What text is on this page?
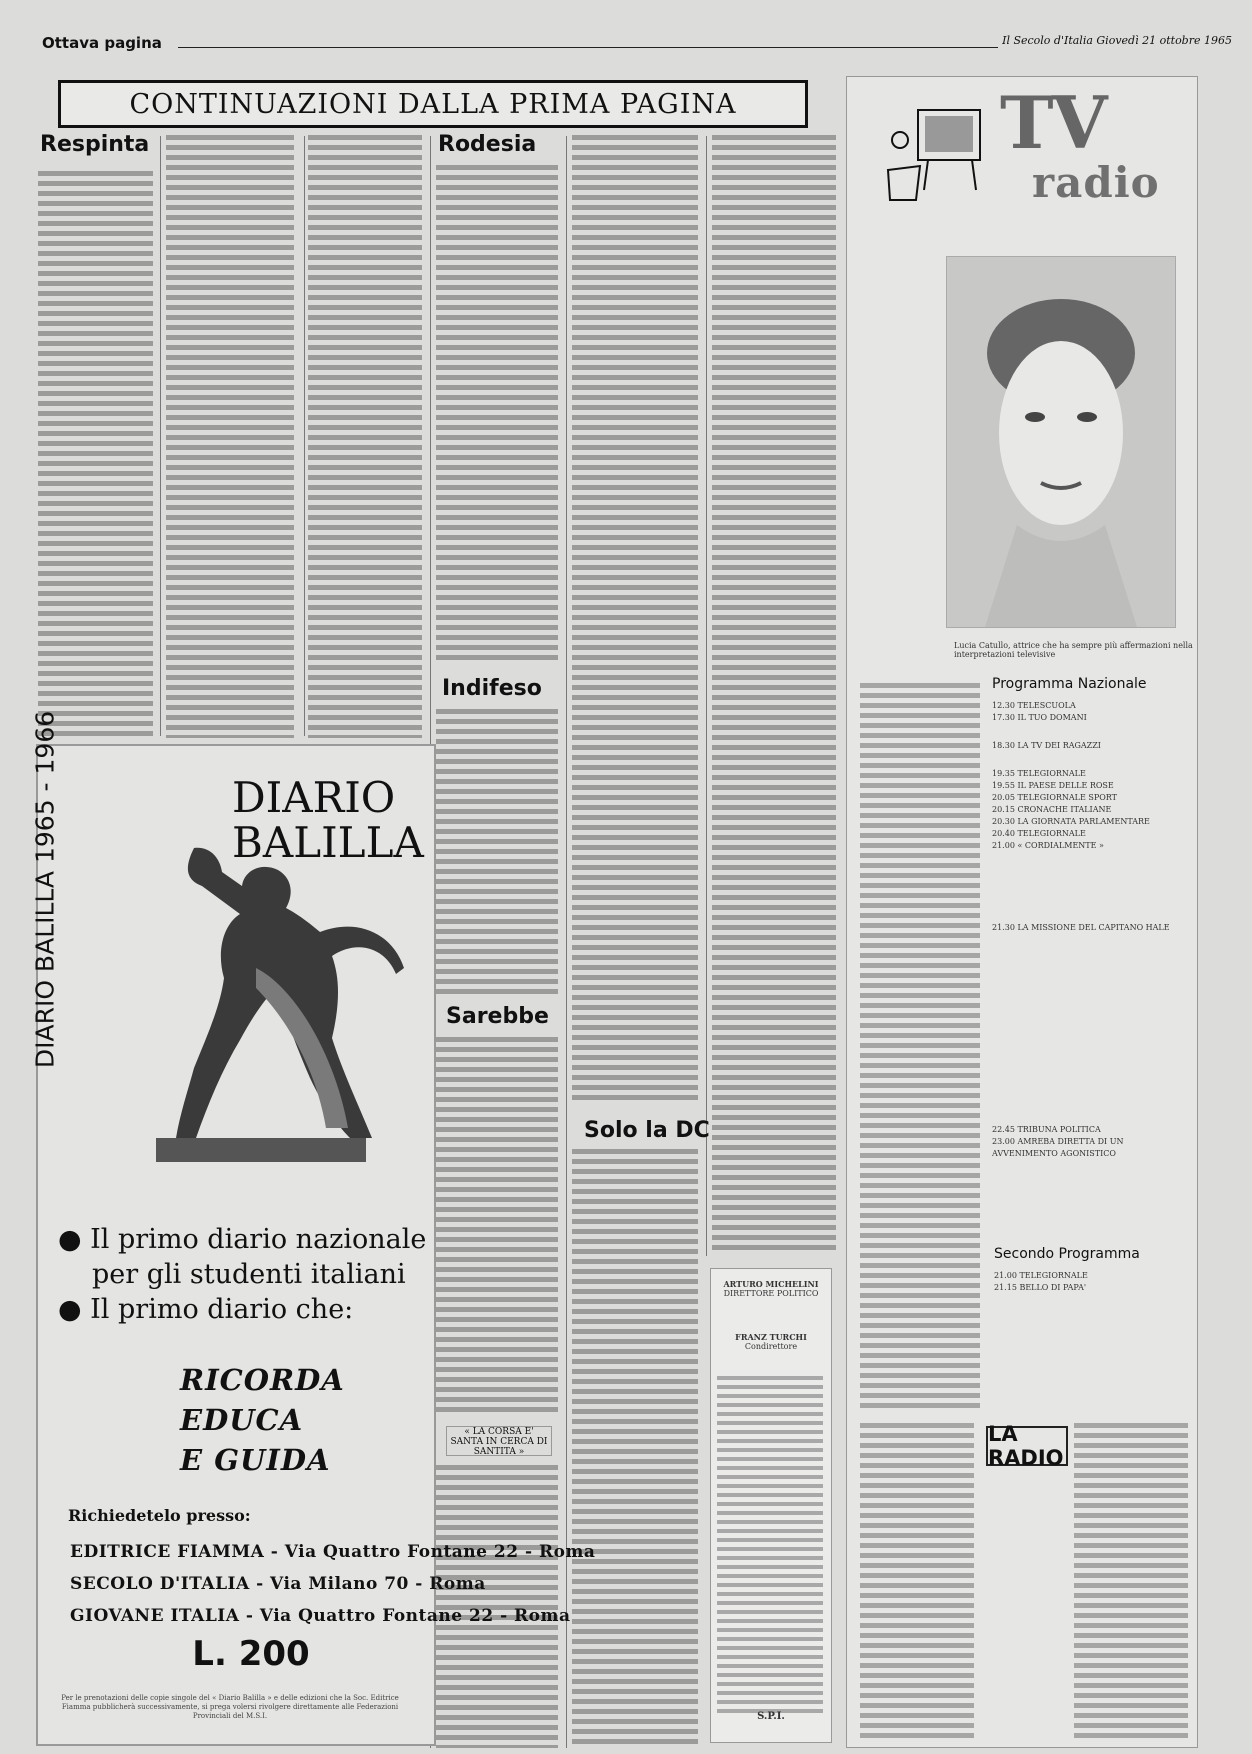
Ottava pagina	Il Secolo d'Italia Giovedì 21 ottobre 1965
CONTINUAZIONI DALLA PRIMA PAGINA
Respinta	Rodesia
Indifeso
Sarebbe
Solo la DC
DIARIO BALILLA 1965 - 1966	DIARIO
BALILLA
● Il primo diario nazionale
per gli studenti italiani
● Il primo diario che:
RICORDA
EDUCA
E GUIDA
Richiedetelo presso:
EDITRICE FIAMMA - Via Quattro Fontane 22 - Roma
SECOLO D'ITALIA - Via Milano 70 - Roma
GIOVANE ITALIA - Via Quattro Fontane 22 - Roma
L. 200
Per le prenotazioni delle copie singole del « Diario Balilla » e delle edizioni che la Soc. Editrice Fiamma pubblicherà successivamente, si prega volersi rivolgere direttamente alle Federazioni Provinciali del M.S.I.
« LA CORSA E' SANTA IN CERCA DI SANTITA »
ARTURO MICHELINI
DIRETTORE POLITICO
FRANZ TURCHI
Condirettore
S.P.I.
TV
radio
Lucia Catullo, attrice che ha sempre più affermazioni nella interpretazioni televisive
Programma Nazionale
12.30 TELESCUOLA
17.30 IL TUO DOMANI
18.30 LA TV DEI RAGAZZI
19.35 TELEGIORNALE
19.55 IL PAESE DELLE ROSE
20.05 TELEGIORNALE SPORT
20.15 CRONACHE ITALIANE
20.30 LA GIORNATA PARLAMENTARE
20.40 TELEGIORNALE
21.00 « CORDIALMENTE »
21.30 LA MISSIONE DEL CAPITANO HALE
22.45 TRIBUNA POLITICA
23.00 AMREBA DIRETTA DI UN AVVENIMENTO AGONISTICO
Secondo Programma
21.00 TELEGIORNALE
21.15 BELLO DI PAPA'
LA RADIO
